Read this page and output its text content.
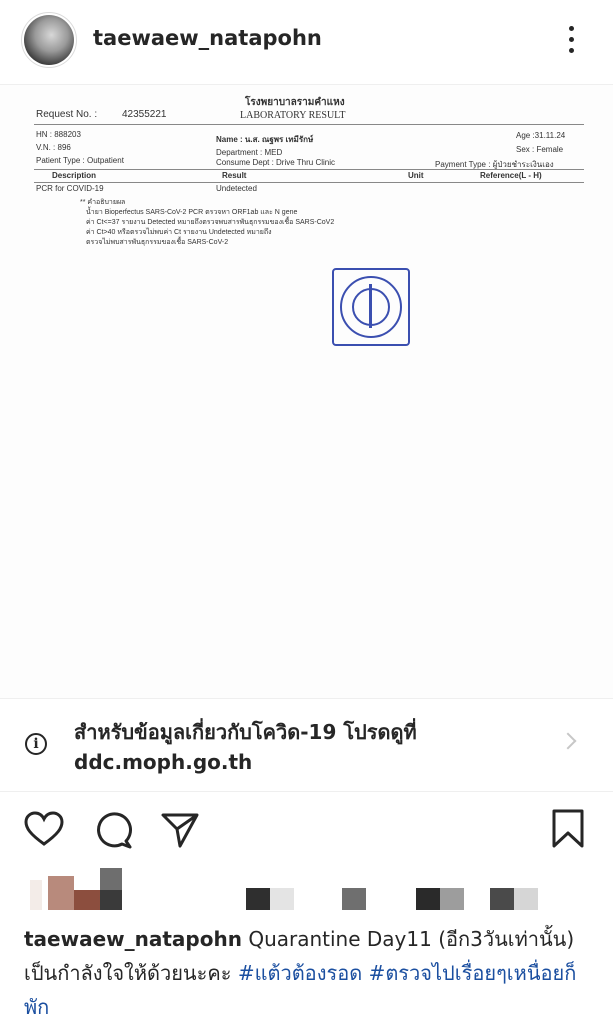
taewaew_natapohn
โรงพยาบาลรามคำแหง
LABORATORY RESULT
Request No. : 42355221
HN : 888203
V.N. : 896
Patient Type : Outpatient
Name : น.ส. ณฐพร เทมีรักษ์
Department : MED
Consume Dept : Drive Thru Clinic
Age :31.11.24
Sex : Female
Payment Type : ผู้ป่วยชำระเงินเอง
Description	Result	Unit	Reference(L - H)
PCR for COVID-19	Undetected
** คำอธิบายผล
น้ำยา Bioperfectus SARS-CoV-2 PCR ตรวจหา ORF1ab และ N gene
ค่า Ct<=37 รายงาน Detected หมายถึงตรวจพบสารพันธุกรรมของเชื้อ SARS-CoV2
ค่า Ct>40 หรือตรวจไม่พบค่า Ct รายงาน Undetected หมายถึง
ตรวจไม่พบสารพันธุกรรมของเชื้อ SARS-CoV-2
i	สำหรับข้อมูลเกี่ยวกับโควิด-19 โปรดดูที่ ddc.moph.go.th
taewaew_natapohn Quarantine Day11 (อีก3วันเท่านั้น) เป็นกำลังใจให้ด้วยนะคะ #แต้วต้องรอด #ตรวจไปเรื่อยๆเหนื่อยก็พัก
